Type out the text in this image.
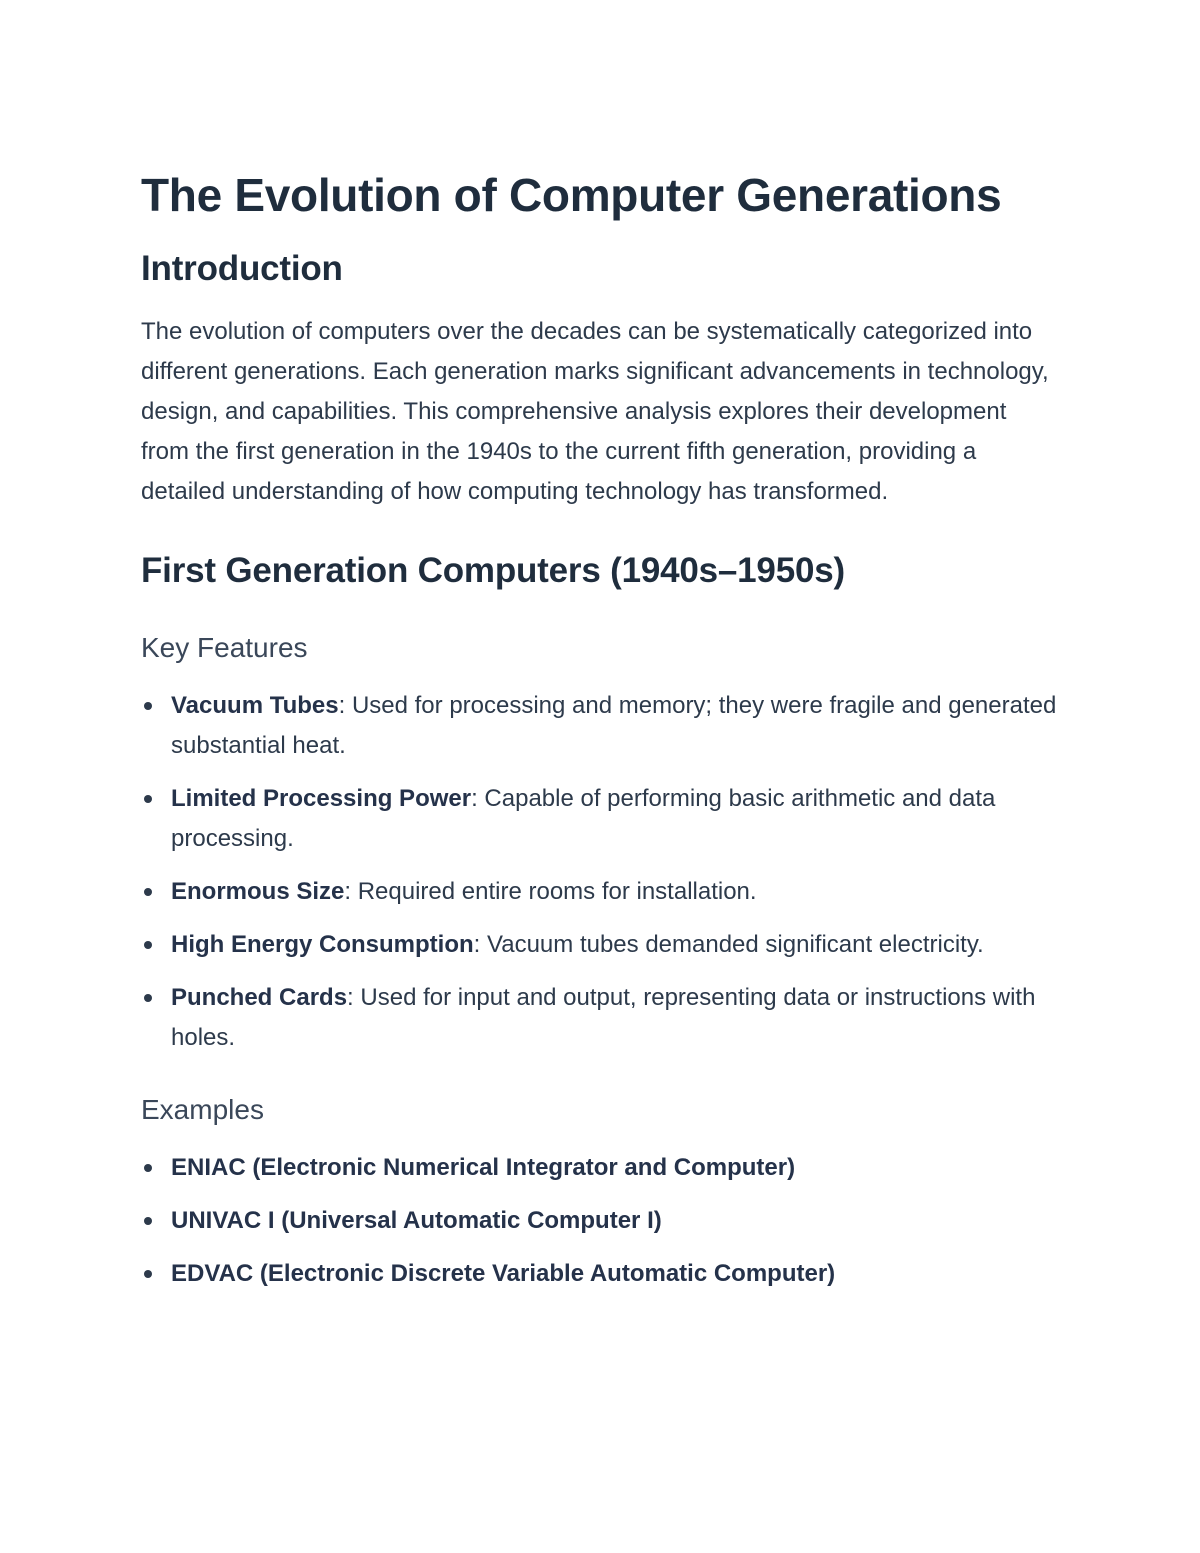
The Evolution of Computer Generations
Introduction

The evolution of computers over the decades can be systematically categorized into different generations. Each generation marks significant advancements in technology, design, and capabilities. This comprehensive analysis explores their development from the first generation in the 1940s to the current fifth generation, providing a detailed understanding of how computing technology has transformed.

First Generation Computers (1940s–1950s)
Key Features
Vacuum Tubes: Used for processing and memory; they were fragile and generated substantial heat.
Limited Processing Power: Capable of performing basic arithmetic and data processing.
Enormous Size: Required entire rooms for installation.
High Energy Consumption: Vacuum tubes demanded significant electricity.
Punched Cards: Used for input and output, representing data or instructions with holes.
Examples
ENIAC (Electronic Numerical Integrator and Computer)
UNIVAC I (Universal Automatic Computer I)
EDVAC (Electronic Discrete Variable Automatic Computer)
